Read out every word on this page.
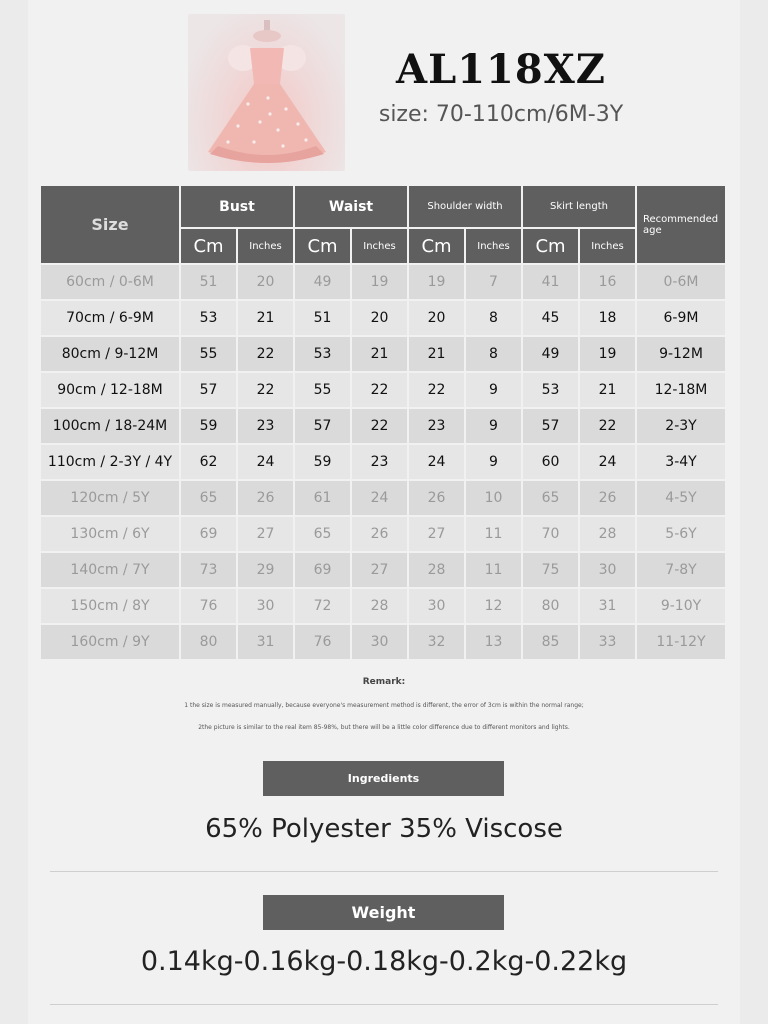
AL118XZ
size: 70-110cm/6M-3Y
Size	Bust		Waist		Shoulder width		Skirt length		Recommended age
	Cm	Inches	Cm	Inches	Cm	Inches	Cm	Inches	
60cm / 0-6M	51	20	49	19	19	7	41	16	0-6M
70cm / 6-9M	53	21	51	20	20	8	45	18	6-9M
80cm / 9-12M	55	22	53	21	21	8	49	19	9-12M
90cm / 12-18M	57	22	55	22	22	9	53	21	12-18M
100cm / 18-24M	59	23	57	22	23	9	57	22	2-3Y
110cm / 2-3Y / 4Y	62	24	59	23	24	9	60	24	3-4Y
120cm / 5Y	65	26	61	24	26	10	65	26	4-5Y
130cm / 6Y	69	27	65	26	27	11	70	28	5-6Y
140cm / 7Y	73	29	69	27	28	11	75	30	7-8Y
150cm / 8Y	76	30	72	28	30	12	80	31	9-10Y
160cm / 9Y	80	31	76	30	32	13	85	33	11-12Y
Remark:
1 the size is measured manually, because everyone's measurement method is different, the error of 3cm is within the normal range;
2the picture is similar to the real item 85-98%, but there will be a little color difference due to different monitors and lights.
Ingredients
65% Polyester 35% Viscose
Weight
0.14kg-0.16kg-0.18kg-0.2kg-0.22kg
